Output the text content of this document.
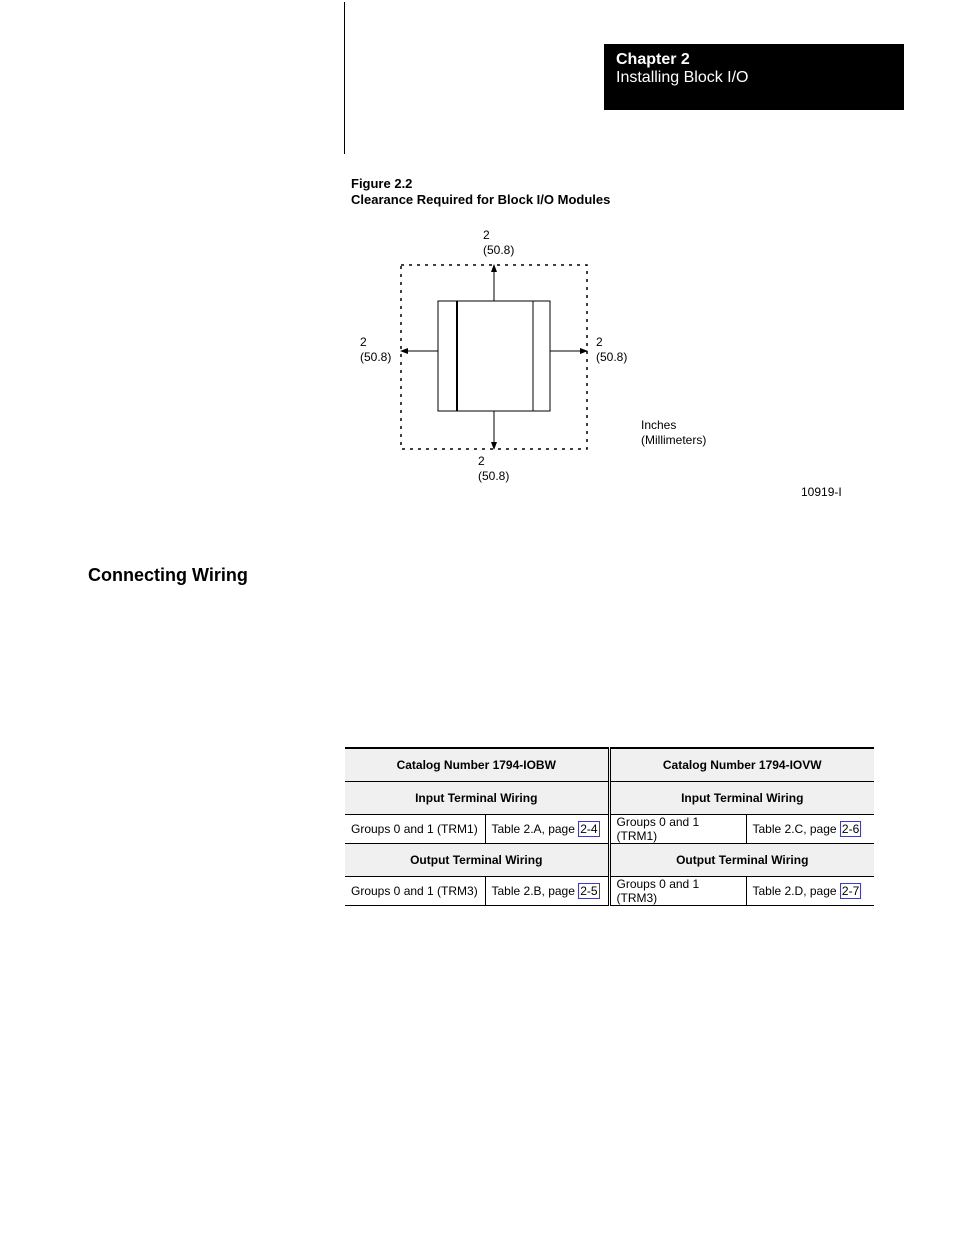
Chapter 2
Installing Block I/O
Figure 2.2
Clearance Required for Block I/O Modules
2
(50.8)
2
(50.8)
2
(50.8)
2
(50.8)
Inches
(Millimeters)
10919-I
Connecting Wiring
Catalog Number 1794-IOBW		Catalog Number 1794-IOVW	
Input Terminal Wiring		Input Terminal Wiring	
Groups 0 and 1 (TRM1)	Table 2.A, page 2-4	Groups 0 and 1 (TRM1)	Table 2.C, page 2-6
Output Terminal Wiring		Output Terminal Wiring	
Groups 0 and 1 (TRM3)	Table 2.B, page 2-5	Groups 0 and 1 (TRM3)	Table 2.D, page 2-7
